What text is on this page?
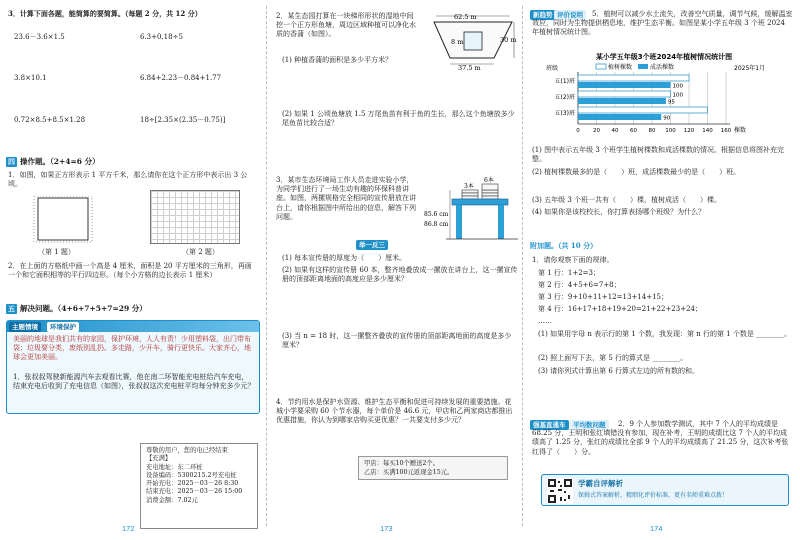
3．计算下面各题，能简算的要简算。（每题 2 分，共 12 分）
23.6－3.6×1.5	6.3+0.18÷5
3.8×10.1	6.84+2.23－0.84+1.77
0.72×8.5+8.5×1.28	18÷[2.35×(2.35－0.75)]
四 操作题。（2+4=6 分）
1．如图，如果正方形表示 1 平方千米，那么请你在这个正方形中表示出 3 公顷。
（第 1 题）	（第 2 题）
2．在上面的方格纸中画一个高是 4 厘米，面积是 20 平方厘米的三角形，再画一个和它面积相等的平行四边形。（每个小方格的边长表示 1 厘米）
五 解决问题。（4+6+7+5+7=29 分）
主题情境	环境保护
美丽的地球是我们共有的家园，保护环境，人人有责！少用塑料袋，出门带布袋；垃圾要分类，废纸别乱扔。多走路，少开车，骑行更快乐。大家齐心，地球会更加美丽。
1．张叔叔驾驶新能源汽车去观看比赛，他在南二环智能充电桩给汽车充电，结束充电后收到了充电信息（如图），张叔叔这次充电桩平均每分钟充多少元？
尊敬的用户，您的电已经结束
【充满】
充电地址：东二环桩
设备编码：5300215.2号充电桩
开始充电：2025－03－26 8:30
结束充电：2025－03－26 15:00
消费金额：7.02元
172
2．某生态园打算在一块梯形形状的湿地中间挖一个正方形鱼塘，周边区域种植可以净化水质的香蒲（如图）。
62.5 m
30 m
8 m
37.5 m
(1) 种植香蒲的面积是多少平方米？
(2) 如果 1 公顷鱼塘放 1.5 万尾鱼苗有利于鱼的生长，那么这个鱼塘放多少尾鱼苗比较合适？
3．某市生态环境局工作人员走进实验小学，为同学们进行了一场生动有趣的环保科普讲座。如图，两摞规格完全相同的宣传册放在讲台上，请你根据图中所给出的信息，解答下列问题。
举一反三
3本
6本
85.6 cm
86.8 cm
(1) 每本宣传册的厚度为（　　）厘米。
(2) 如果有这样的宣传册 60 本，整齐地叠放成一摞放在讲台上，这一摞宣传册的顶部距离地面的高度应是多少厘米？
(3) 当 n = 18 时，这一摞整齐叠放的宣传册的顶部距离地面的高度是多少厘米？
4．节约用水是保护水资源、维护生态平衡和促进可持续发展的重要措施。花城小学要采购 60 个节水器，每个单价是 46.6 元，甲店和乙两家商店都推出优惠措施，你认为到哪家店购买更优惠？一共要支付多少元？
甲店：每买10个赠送2个。
乙店：买满100元返现金15元。
173
新趋势 评价说明	5．植树可以减少水土流失，改善空气质量，调节气候，缓解温室效应，同时为生物提供栖息地，维护生态平衡。如图是某小学五年级 3 个班 2024 年植树情况统计图。
某小学五年级3个班2024年植树情况统计图
2025年1月
班级	植树棵数	成活棵数
0 20 40 60 80 100 120 140 160 棵数
五(1)班
100
五(2)班	100
95
五(3)班
90
(1) 图中表示五年级 3 个班学生植树棵数和成活棵数的情况。根据信息将图补充完整。
(2) 植树棵数最多的是（　　）班，成活棵数最少的是（　　）班。
(3) 五年级 3 个班一共有（　　）棵，植树成活（　　）棵。
(4) 如果你是该校校长，你打算表扬哪个班级？为什么？
附加题。（共 10 分）
1．请你观察下面的规律。
第 1 行：1+2=3；
第 2 行：4+5+6=7+8；
第 3 行：9+10+11+12=13+14+15；
第 4 行：16+17+18+19+20=21+22+23+24；
……
(1) 如果用字母 n 表示行的第 1 个数，我发现：第 n 行的第 1 个数是 ________。
(2) 照上面写下去，第 5 行的算式是 ________。
(3) 请你列式计算出第 6 行算式左边的所有数的和。
强基直通车	平均数问题	2．9 个人参加数学测试，其中 7 个人的平均成绩是 68.25 分，王明和张红填错没有参加，现在补考，王明的成绩比这 7 个人的平均成绩高了 1.25 分，张红的成绩比全部 9 个人的平均成绩高了 21.25 分，这次补考张红得了（　　）分。
学霸自评解析
保姆式答案解析，精细化评价标准，更有名师重难点拨！
174
